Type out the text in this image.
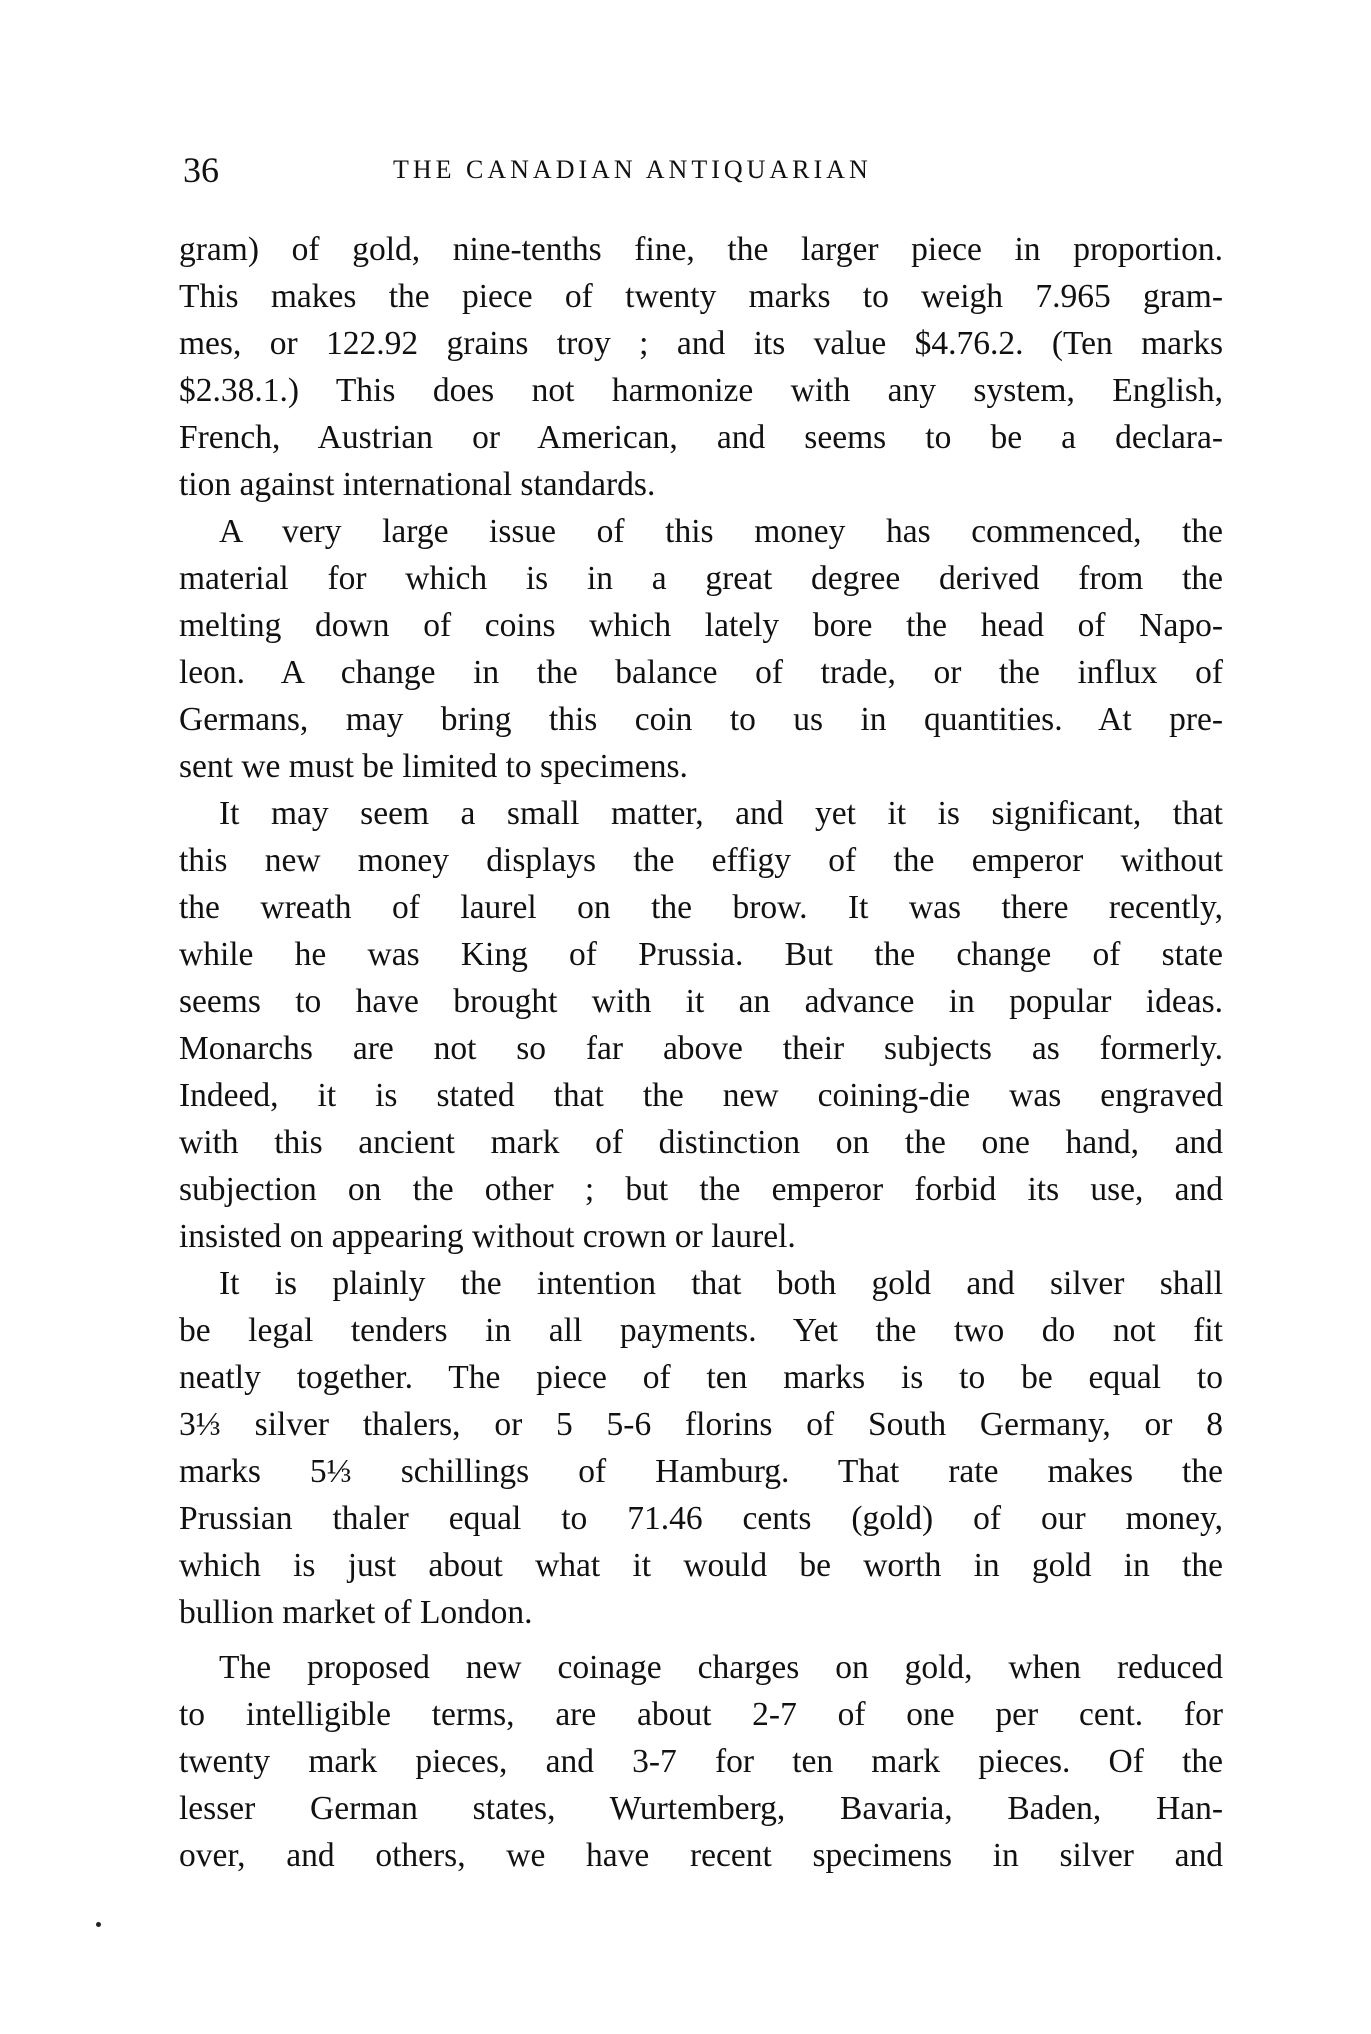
36	THE CANADIAN ANTIQUARIAN
gram) of gold, nine-tenths fine, the larger piece in proportion.
This makes the piece of twenty marks to weigh 7.965 gram-
mes, or 122.92 grains troy ; and its value $4.76.2. (Ten marks
$2.38.1.) This does not harmonize with any system, English,
French, Austrian or American, and seems to be a declara-
tion against international standards.
A very large issue of this money has commenced, the
material for which is in a great degree derived from the
melting down of coins which lately bore the head of Napo-
leon. A change in the balance of trade, or the influx of
Germans, may bring this coin to us in quantities. At pre-
sent we must be limited to specimens.
It may seem a small matter, and yet it is significant, that
this new money displays the effigy of the emperor without
the wreath of laurel on the brow. It was there recently,
while he was King of Prussia. But the change of state
seems to have brought with it an advance in popular ideas.
Monarchs are not so far above their subjects as formerly.
Indeed, it is stated that the new coining-die was engraved
with this ancient mark of distinction on the one hand, and
subjection on the other ; but the emperor forbid its use, and
insisted on appearing without crown or laurel.
It is plainly the intention that both gold and silver shall
be legal tenders in all payments. Yet the two do not fit
neatly together. The piece of ten marks is to be equal to
3⅓ silver thalers, or 5 5-6 florins of South Germany, or 8
marks 5⅓ schillings of Hamburg. That rate makes the
Prussian thaler equal to 71.46 cents (gold) of our money,
which is just about what it would be worth in gold in the
bullion market of London.
The proposed new coinage charges on gold, when reduced
to intelligible terms, are about 2-7 of one per cent. for
twenty mark pieces, and 3-7 for ten mark pieces. Of the
lesser German states, Wurtemberg, Bavaria, Baden, Han-
over, and others, we have recent specimens in silver and
